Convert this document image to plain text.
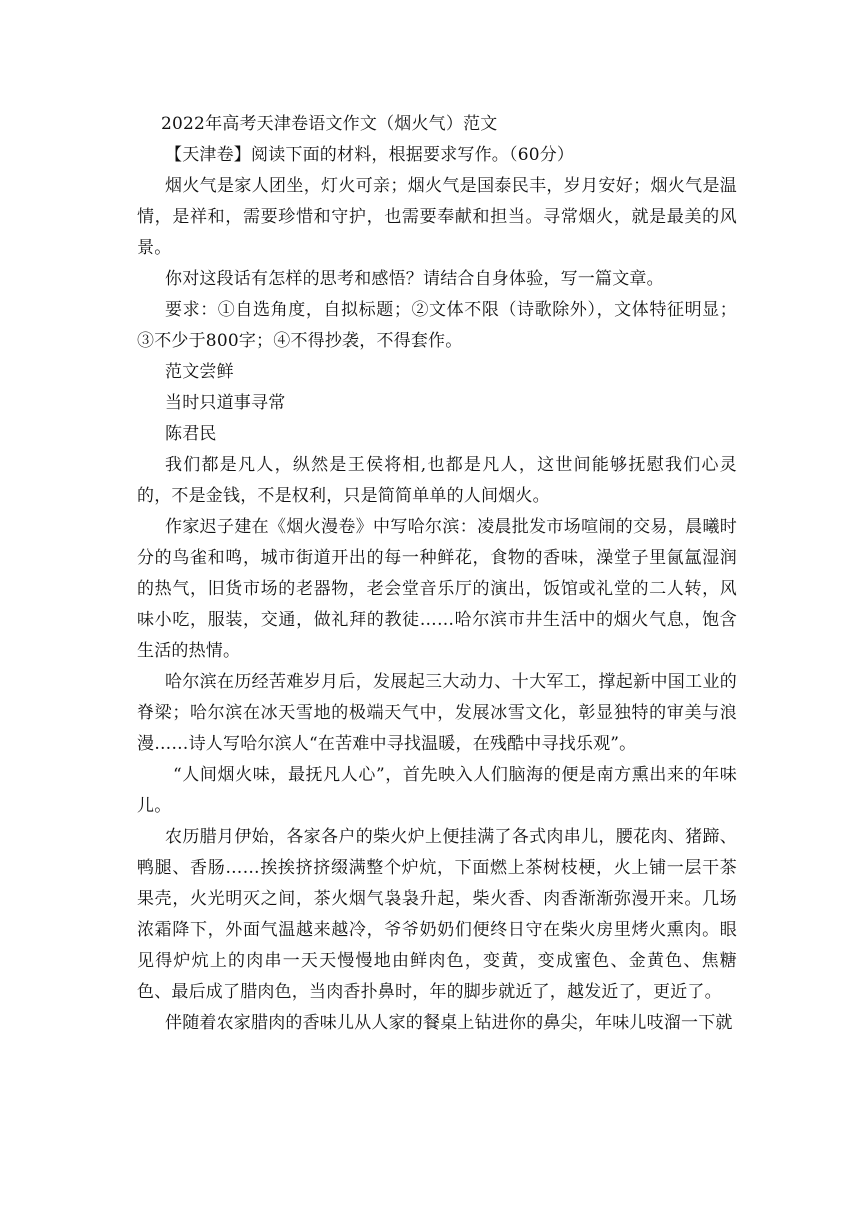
2022年高考天津卷语文作文（烟火气）范文

【天津卷】阅读下面的材料，根据要求写作。（60分）

烟火气是家人团坐，灯火可亲；烟火气是国泰民丰，岁月安好；烟火气是温情，是祥和，需要珍惜和守护，也需要奉献和担当。寻常烟火，就是最美的风景。

你对这段话有怎样的思考和感悟？请结合自身体验，写一篇文章。

要求：①自选角度，自拟标题；②文体不限（诗歌除外），文体特征明显；③不少于800字；④不得抄袭，不得套作。

范文尝鲜

当时只道事寻常

陈君民

我们都是凡人，纵然是王侯将相,也都是凡人，这世间能够抚慰我们心灵的，不是金钱，不是权利，只是简简单单的人间烟火。

作家迟子建在《烟火漫卷》中写哈尔滨：凌晨批发市场喧闹的交易，晨曦时分的鸟雀和鸣，城市街道开出的每一种鲜花，食物的香味，澡堂子里氤氲湿润的热气，旧货市场的老器物，老会堂音乐厅的演出，饭馆或礼堂的二人转，风味小吃，服装，交通，做礼拜的教徒……哈尔滨市井生活中的烟火气息，饱含生活的热情。

哈尔滨在历经苦难岁月后，发展起三大动力、十大军工，撑起新中国工业的脊梁；哈尔滨在冰天雪地的极端天气中，发展冰雪文化，彰显独特的审美与浪漫……诗人写哈尔滨人“在苦难中寻找温暖，在残酷中寻找乐观”。

“人间烟火味，最抚凡人心”，首先映入人们脑海的便是南方熏出来的年味儿。

农历腊月伊始，各家各户的柴火炉上便挂满了各式肉串儿，腰花肉、猪蹄、鸭腿、香肠……挨挨挤挤缀满整个炉炕，下面燃上茶树枝梗，火上铺一层干茶果壳，火光明灭之间，茶火烟气袅袅升起，柴火香、肉香渐渐弥漫开来。几场浓霜降下，外面气温越来越冷，爷爷奶奶们便终日守在柴火房里烤火熏肉。眼见得炉炕上的肉串一天天慢慢地由鲜肉色，变黄，变成蜜色、金黄色、焦糖色、最后成了腊肉色，当肉香扑鼻时，年的脚步就近了，越发近了，更近了。

伴随着农家腊肉的香味儿从人家的餐桌上钻进你的鼻尖，年味儿吱溜一下就
